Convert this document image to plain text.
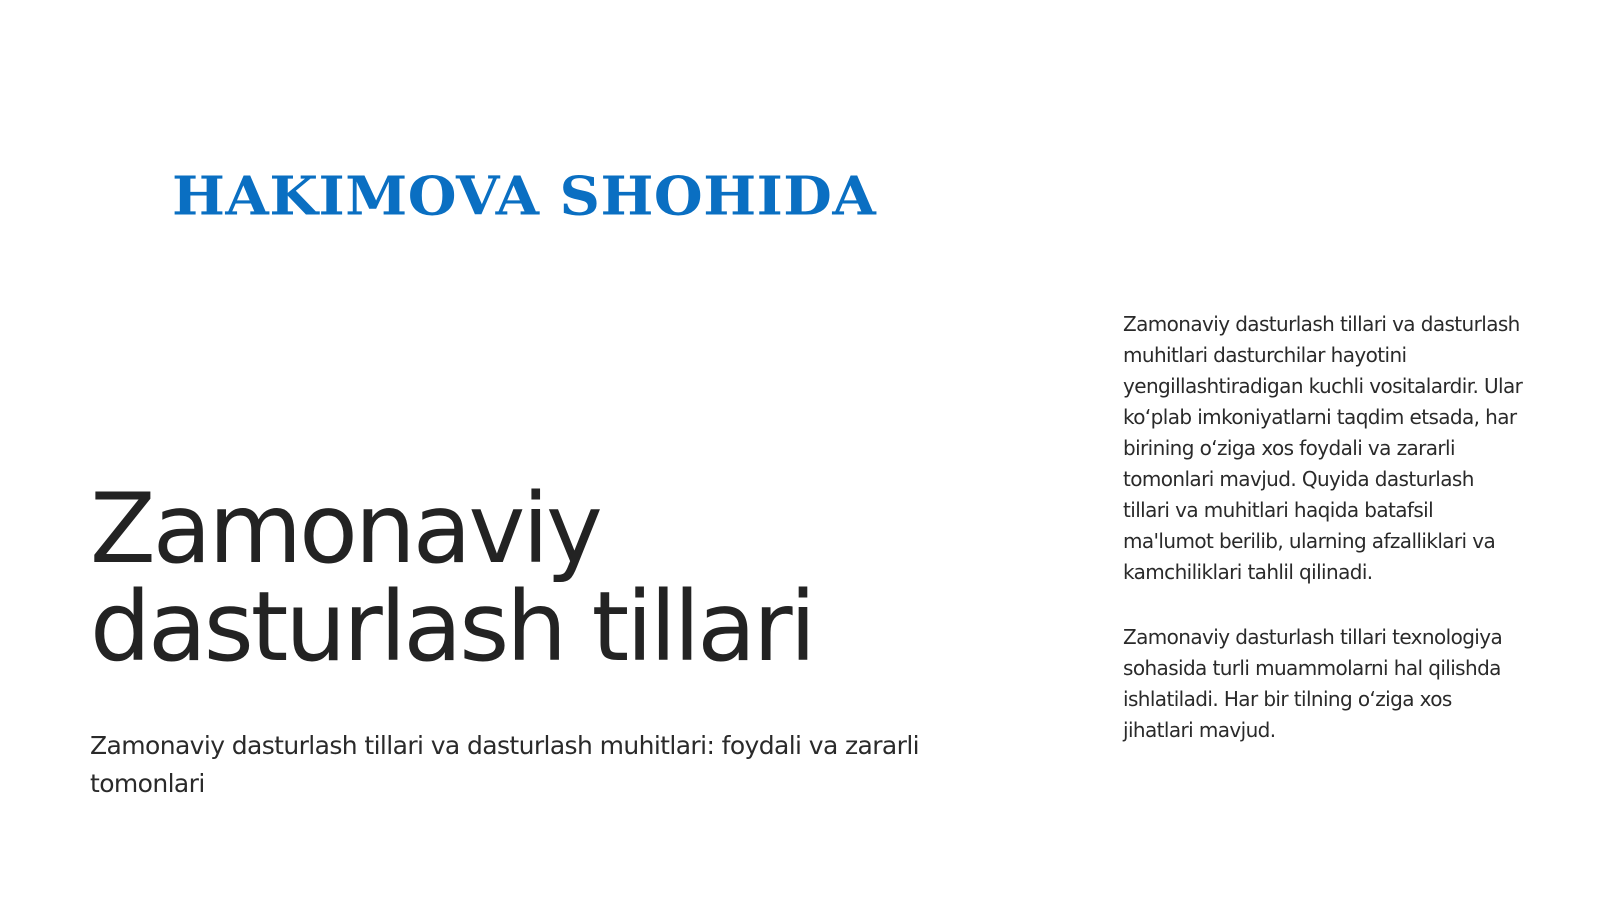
HAKIMOVA SHOHIDA
Zamonaviy
dasturlash tillari

Zamonaviy dasturlash tillari va dasturlash muhitlari: foydali va zararli tomonlari

Zamonaviy dasturlash tillari va dasturlash muhitlari dasturchilar hayotini yengillashtiradigan kuchli vositalardir. Ular ko‘plab imkoniyatlarni taqdim etsada, har birining o‘ziga xos foydali va zararli tomonlari mavjud. Quyida dasturlash tillari va muhitlari haqida batafsil ma'lumot berilib, ularning afzalliklari va kamchiliklari tahlil qilinadi.

Zamonaviy dasturlash tillari texnologiya sohasida turli muammolarni hal qilishda ishlatiladi. Har bir tilning o‘ziga xos jihatlari mavjud.
